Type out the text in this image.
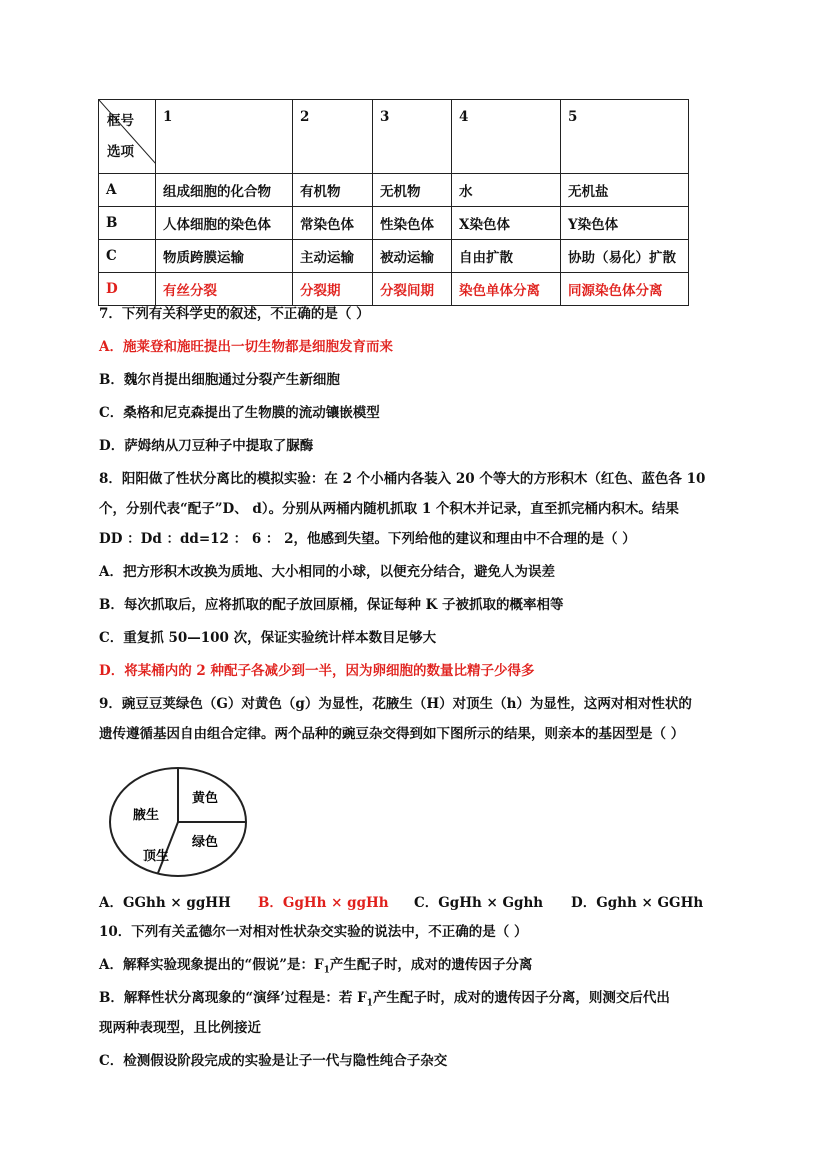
框号
选项	1	2	3	4	5
A	组成细胞的化合物	有机物	无机物	水	无机盐
B	人体细胞的染色体	常染色体	性染色体	X染色体	Y染色体
C	物质跨膜运输	主动运输	被动运输	自由扩散	协助（易化）扩散
D	有丝分裂	分裂期	分裂间期	染色单体分离	同源染色体分离
7．下列有关科学史的叙述，不正确的是（ ）
A．施莱登和施旺提出一切生物都是细胞发育而来
B．魏尔肖提出细胞通过分裂产生新细胞
C．桑格和尼克森提出了生物膜的流动镶嵌模型
D．萨姆纳从刀豆种子中提取了脲酶
8．阳阳做了性状分离比的模拟实验：在 2 个小桶内各装入 20 个等大的方形积木（红色、蓝色各 10
个，分别代表“配子”D、 d）。分别从两桶内随机抓取 1 个积木并记录，直至抓完桶内积木。结果
DD ：Dd ：dd=12 ： 6 ： 2，他感到失望。下列给他的建议和理由中不合理的是（ ）
A．把方形积木改换为质地、大小相同的小球，以便充分结合，避免人为误差
B．每次抓取后，应将抓取的配子放回原桶，保证每种 K 子被抓取的概率相等
C．重复抓 50—100 次，保证实验统计样本数目足够大
D．将某桶内的 2 种配子各减少到一半，因为卵细胞的数量比精子少得多
9．豌豆豆荚绿色（G）对黄色（g）为显性，花腋生（H）对顶生（h）为显性，这两对相对性状的
遗传遵循基因自由组合定律。两个品种的豌豆杂交得到如下图所示的结果，则亲本的基因型是（ ）
腋生
黄色
绿色
顶生
A．GGhh × ggHH B．GgHh × ggHh C．GgHh × Gghh D．Gghh × GGHh
10．下列有关孟德尔一对相对性状杂交实验的说法中，不正确的是（ ）
A．解释实验现象提出的“假说”是：$F_1$产生配子时，成对的遗传因子分离
B．解释性状分离现象的“演绎’过程是：若 $F_1$产生配子时，成对的遗传因子分离，则测交后代出
现两种表现型，且比例接近
C．检测假设阶段完成的实验是让子一代与隐性纯合子杂交
